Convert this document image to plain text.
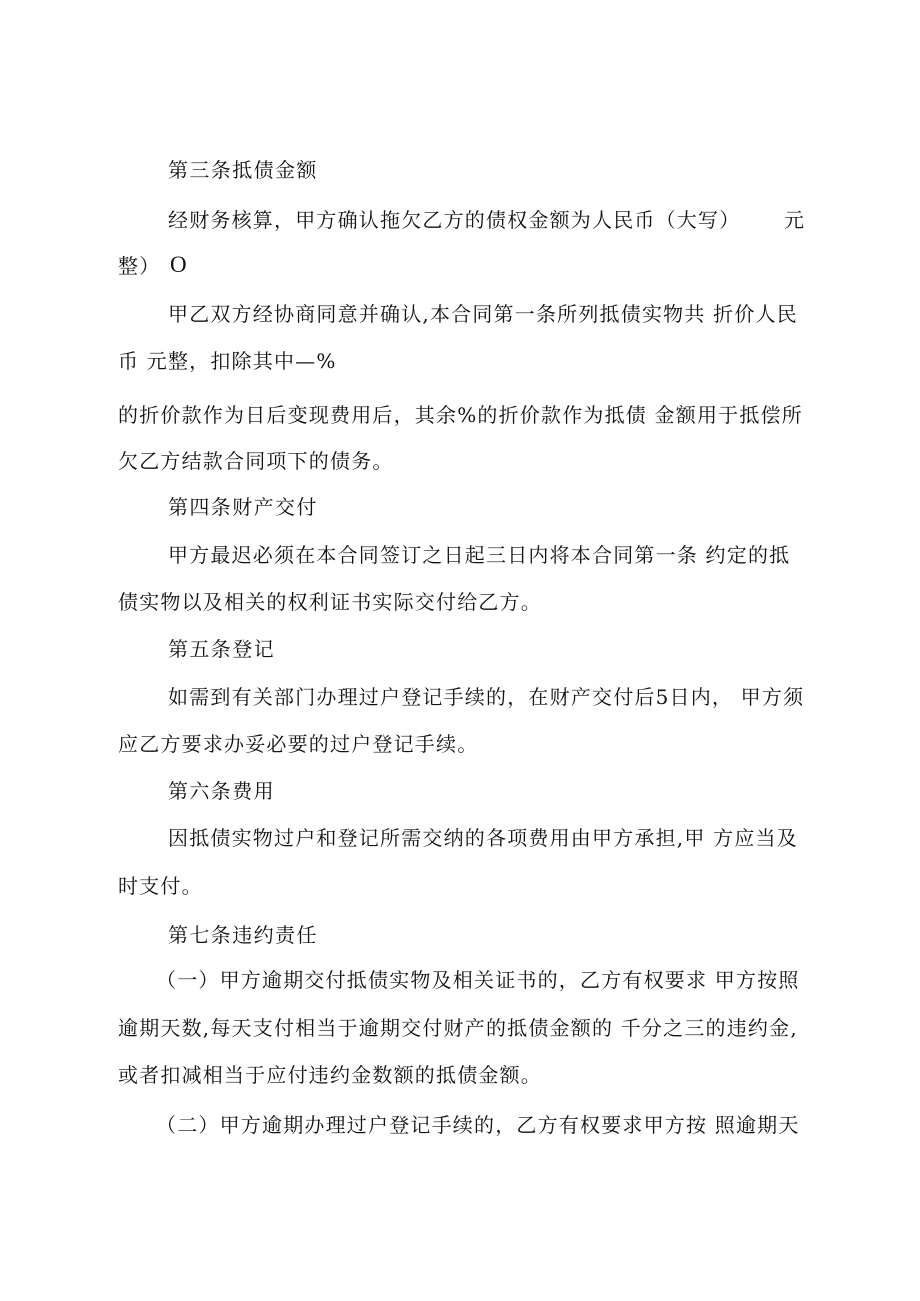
第三条抵债金额
经财务核算，甲方确认拖欠乙方的债权金额为人民币（大写） 元
整） O
甲乙双方经协商同意并确认,本合同第一条所列抵债实物共 折价人民
币 元整，扣除其中—%
的折价款作为日后变现费用后，其余%的折价款作为抵债 金额用于抵偿所
欠乙方结款合同项下的债务。
第四条财产交付
甲方最迟必须在本合同签订之日起三日内将本合同第一条 约定的抵
债实物以及相关的权利证书实际交付给乙方。
第五条登记
如需到有关部门办理过户登记手续的，在财产交付后5日内， 甲方须
应乙方要求办妥必要的过户登记手续。
第六条费用
因抵债实物过户和登记所需交纳的各项费用由甲方承担,甲 方应当及
时支付。
第七条违约责任
（一）甲方逾期交付抵债实物及相关证书的，乙方有权要求 甲方按照
逾期天数,每天支付相当于逾期交付财产的抵债金额的 千分之三的违约金,
或者扣减相当于应付违约金数额的抵债金额。
（二）甲方逾期办理过户登记手续的，乙方有权要求甲方按 照逾期天
